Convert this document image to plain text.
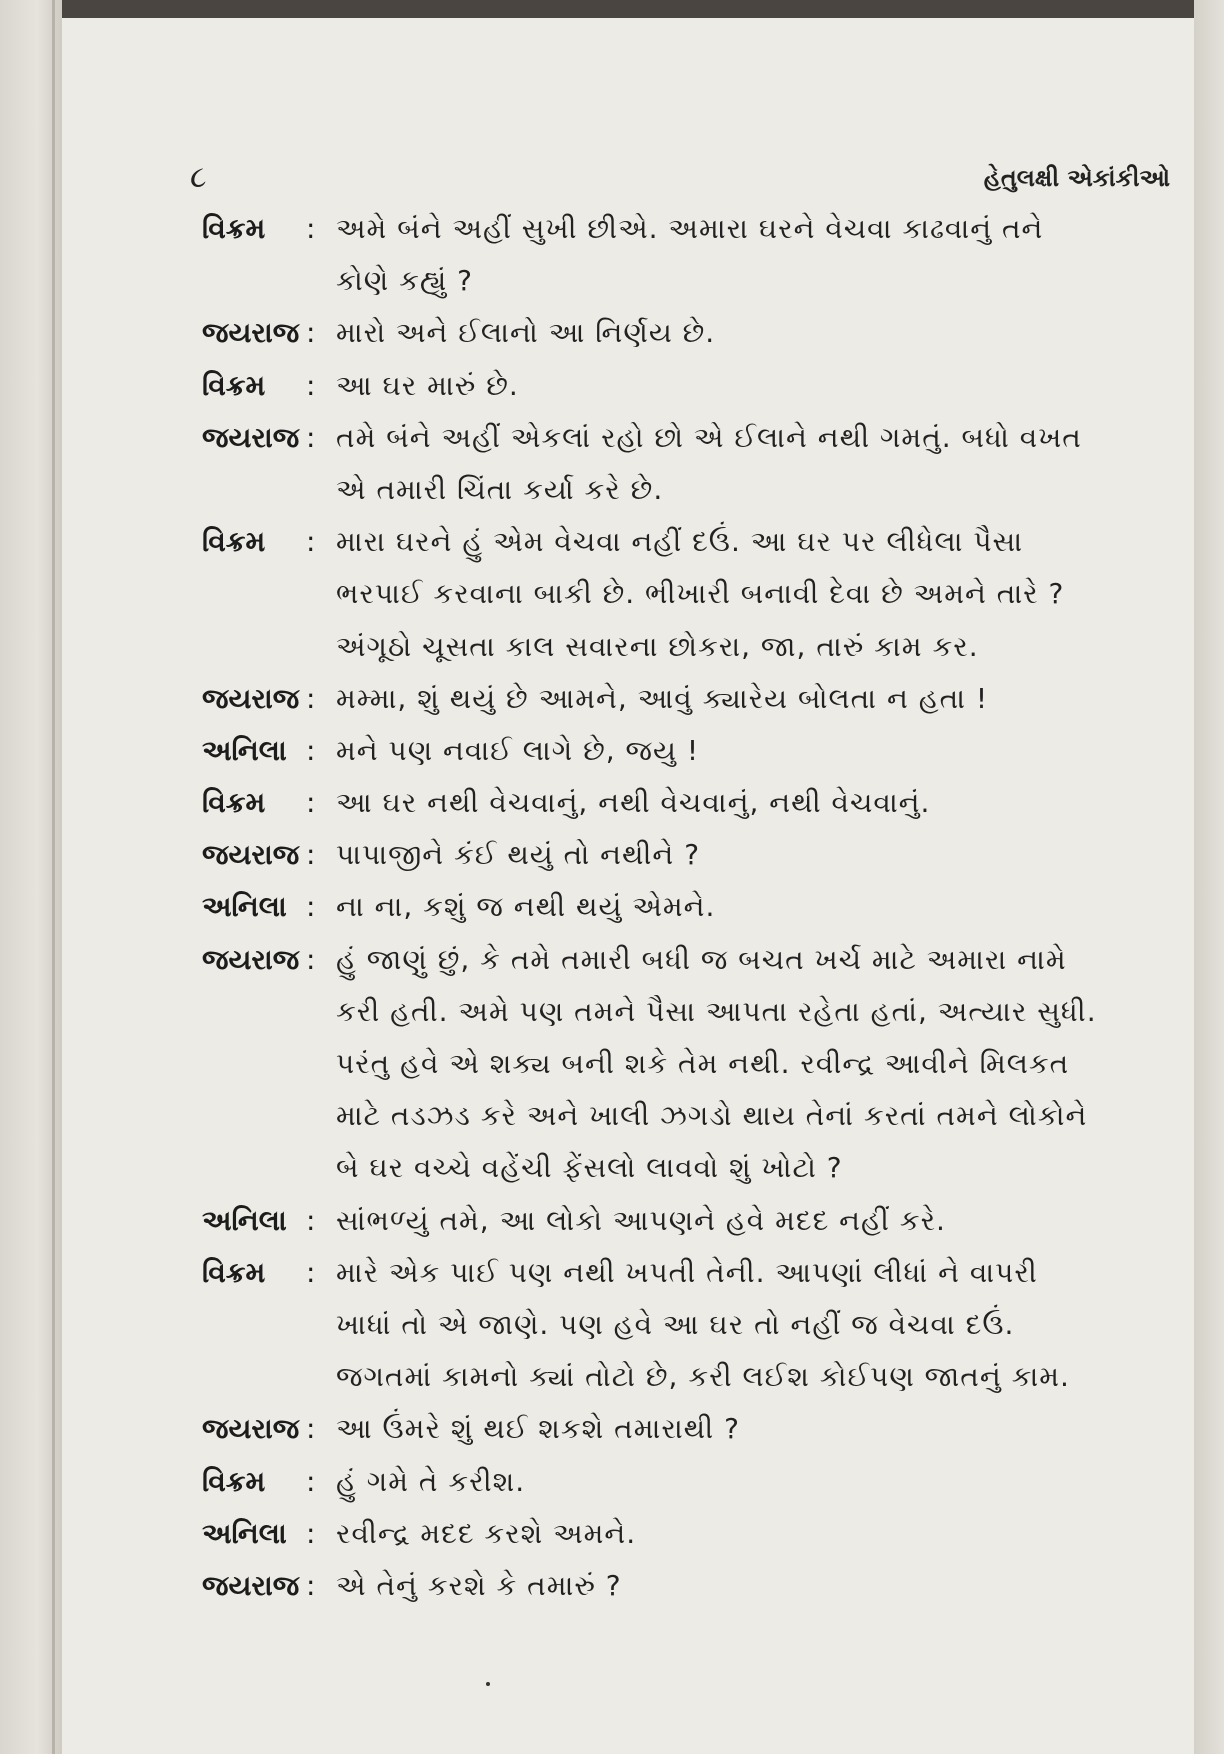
૮	હેતુલક્ષી એકાંકીઓ
વિક્રમ	: અમે બંને અહીં સુખી છીએ. અમારા ઘરને વેચવા કાઢવાનું તને
કોણે કહ્યું ?
જયરાજ : મારો અને ઈલાનો આ નિર્ણય છે.
વિક્રમ	: આ ઘર મારું છે.
જયરાજ : તમે બંને અહીં એકલાં રહો છો એ ઈલાને નથી ગમતું. બધો વખત
એ તમારી ચિંતા કર્યા કરે છે.
વિક્રમ	: મારા ઘરને હું એમ વેચવા નહીં દઉં. આ ઘર પર લીધેલા પૈસા
ભરપાઈ કરવાના બાકી છે. ભીખારી બનાવી દેવા છે અમને તારે ?
અંગૂઠો ચૂસતા કાલ સવારના છોકરા, જા, તારું કામ કર.
જયરાજ : મમ્મા, શું થયું છે આમને, આવું ક્યારેય બોલતા ન હતા !
અનિલા : મને પણ નવાઈ લાગે છે, જયુ !
વિક્રમ	: આ ઘર નથી વેચવાનું, નથી વેચવાનું, નથી વેચવાનું.
જયરાજ : પાપાજીને કંઈ થયું તો નથીને ?
અનિલા : ના ના, કશું જ નથી થયું એમને.
જયરાજ : હું જાણું છું, કે તમે તમારી બધી જ બચત ખર્ચ માટે અમારા નામે
કરી હતી. અમે પણ તમને પૈસા આપતા રહેતા હતાં, અત્યાર સુધી.
પરંતુ હવે એ શક્ય બની શકે તેમ નથી. રવીન્દ્ર આવીને મિલકત
માટે તડઝડ કરે અને ખાલી ઝગડો થાય તેનાં કરતાં તમને લોકોને
બે ઘર વચ્ચે વહેંચી ફેંસલો લાવવો શું ખોટો ?
અનિલા : સાંભળ્યું તમે, આ લોકો આપણને હવે મદદ નહીં કરે.
વિક્રમ	: મારે એક પાઈ પણ નથી ખપતી તેની. આપણાં લીધાં ને વાપરી
ખાધાં તો એ જાણે. પણ હવે આ ઘર તો નહીં જ વેચવા દઉં.
જગતમાં કામનો ક્યાં તોટો છે, કરી લઈશ કોઈપણ જાતનું કામ.
જયરાજ : આ ઉંમરે શું થઈ શકશે તમારાથી ?
વિક્રમ	: હું ગમે તે કરીશ.
અનિલા : રવીન્દ્ર મદદ કરશે અમને.
જયરાજ : એ તેનું કરશે કે તમારું ?
